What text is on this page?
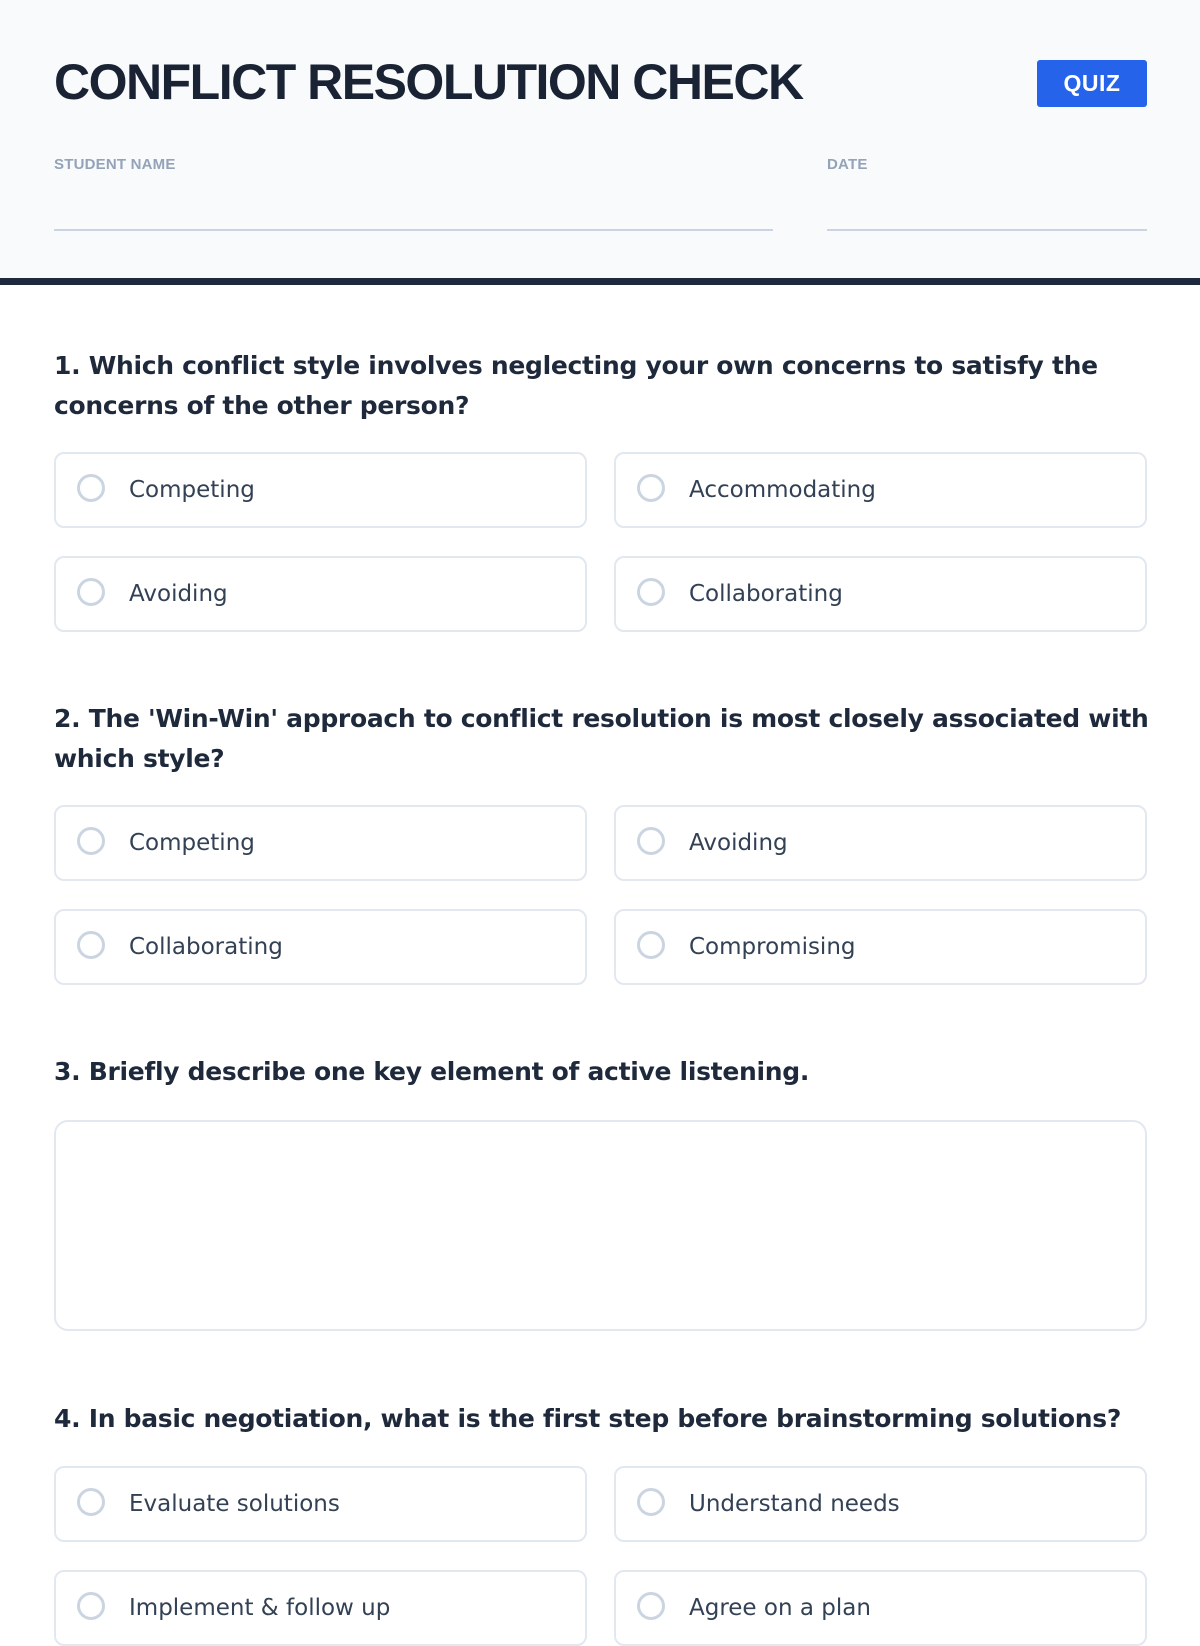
CONFLICT RESOLUTION CHECK	QUIZ
STUDENT NAME	DATE

1. Which conflict style involves neglecting your own concerns to satisfy the concerns of the other person?

Competing	Accommodating
Avoiding	Collaborating

2. The 'Win-Win' approach to conflict resolution is most closely associated with which style?

Competing	Avoiding
Collaborating	Compromising

3. Briefly describe one key element of active listening.

4. In basic negotiation, what is the first step before brainstorming solutions?

Evaluate solutions	Understand needs
Implement & follow up	Agree on a plan
